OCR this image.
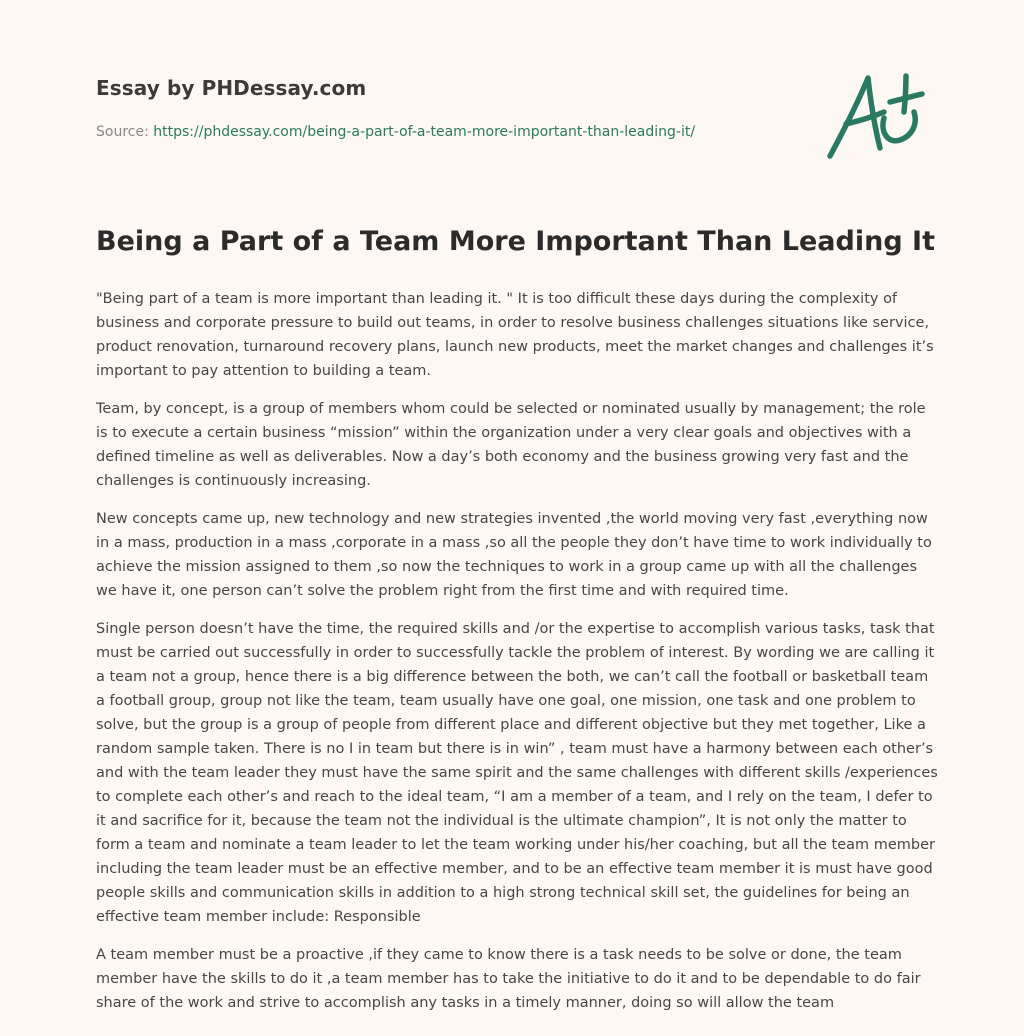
Essay by PHDessay.com
Source: https://phdessay.com/being-a-part-of-a-team-more-important-than-leading-it/
Being a Part of a Team More Important Than Leading It

"Being part of a team is more important than leading it. " It is too difficult these days during the complexity of business and corporate pressure to build out teams, in order to resolve business challenges situations like service, product renovation, turnaround recovery plans, launch new products, meet the market changes and challenges it’s important to pay attention to building a team.

Team, by concept, is a group of members whom could be selected or nominated usually by management; the role is to execute a certain business “mission” within the organization under a very clear goals and objectives with a defined timeline as well as deliverables. Now a day’s both economy and the business growing very fast and the challenges is continuously increasing.

New concepts came up, new technology and new strategies invented ,the world moving very fast ,everything now in a mass, production in a mass ,corporate in a mass ,so all the people they don’t have time to work individually to achieve the mission assigned to them ,so now the techniques to work in a group came up with all the challenges we have it, one person can’t solve the problem right from the first time and with required time.

Single person doesn’t have the time, the required skills and /or the expertise to accomplish various tasks, task that must be carried out successfully in order to successfully tackle the problem of interest. By wording we are calling it a team not a group, hence there is a big difference between the both, we can’t call the football or basketball team a football group, group not like the team, team usually have one goal, one mission, one task and one problem to solve, but the group is a group of people from different place and different objective but they met together, Like a random sample taken. There is no I in team but there is in win” , team must have a harmony between each other’s and with the team leader they must have the same spirit and the same challenges with different skills /experiences to complete each other’s and reach to the ideal team, “I am a member of a team, and I rely on the team, I defer to it and sacrifice for it, because the team not the individual is the ultimate champion”, It is not only the matter to form a team and nominate a team leader to let the team working under his/her coaching, but all the team member including the team leader must be an effective member, and to be an effective team member it is must have good people skills and communication skills in addition to a high strong technical skill set, the guidelines for being an effective team member include: Responsible

A team member must be a proactive ,if they came to know there is a task needs to be solve or done, the team member have the skills to do it ,a team member has to take the initiative to do it and to be dependable to do fair share of the work and strive to accomplish any tasks in a timely manner, doing so will allow the team
